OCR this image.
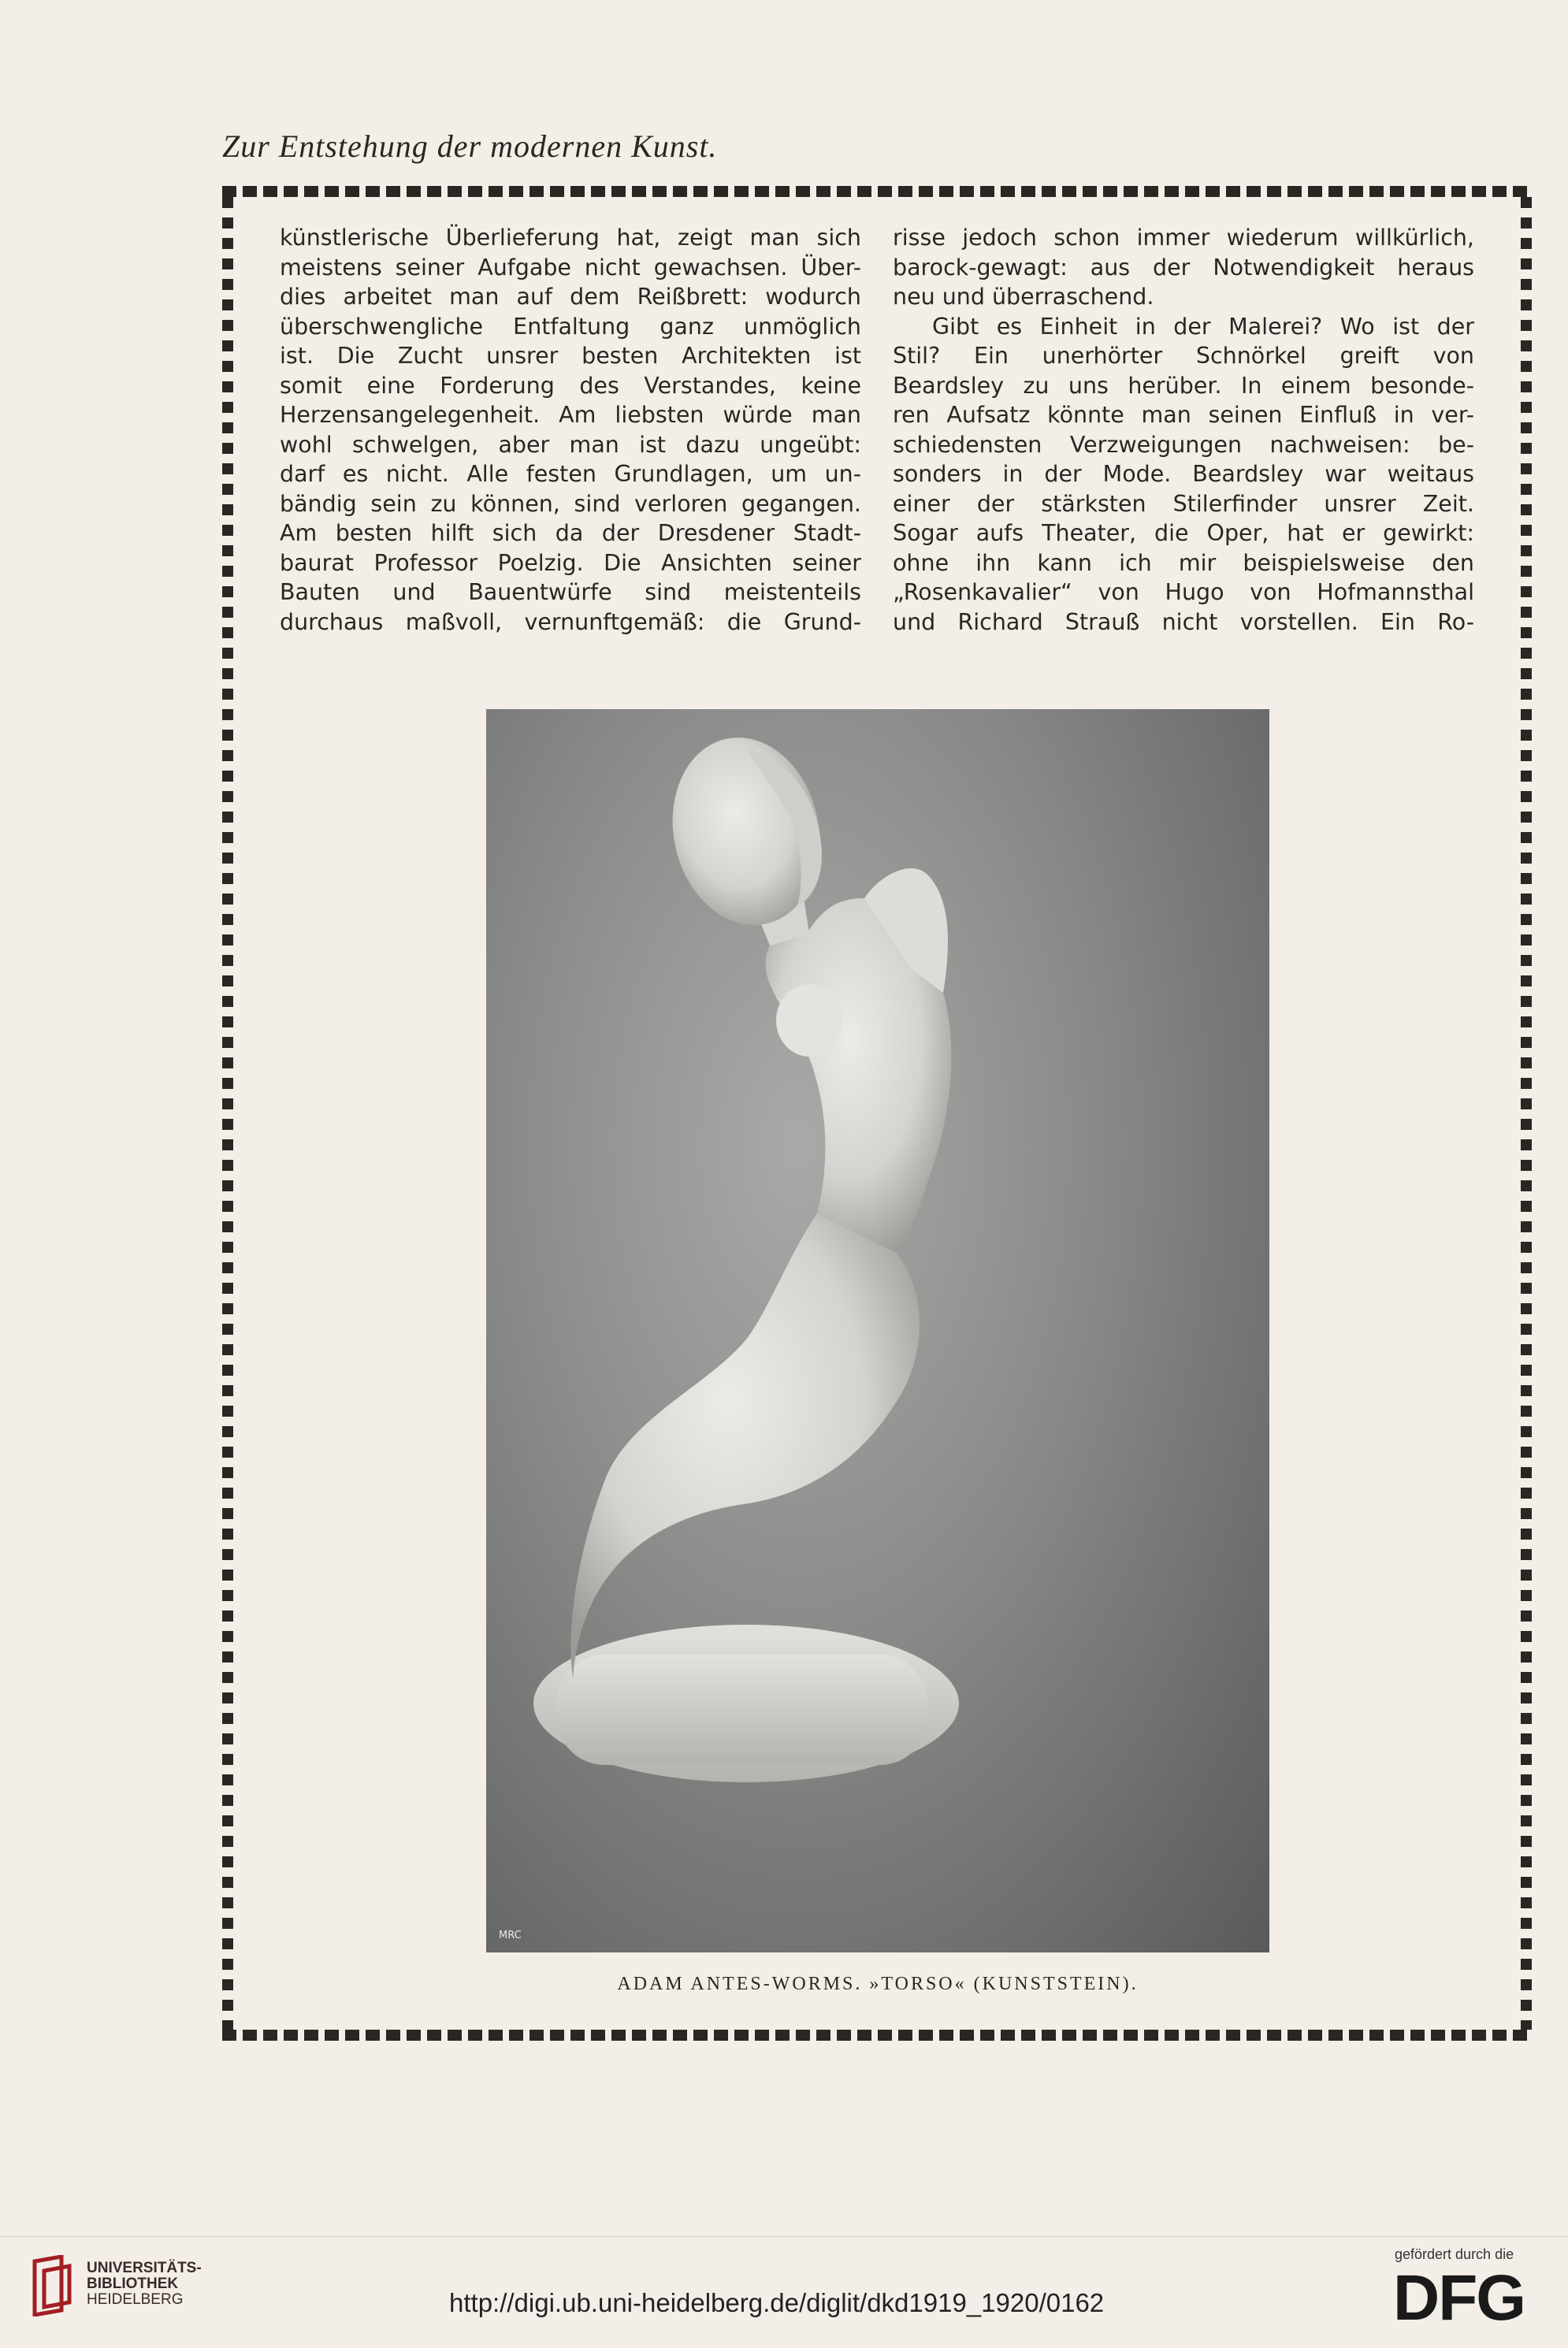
Zur Entstehung der modernen Kunst.
künstlerische Überlieferung hat, zeigt man sich
meistens seiner Aufgabe nicht gewachsen. Über-
dies arbeitet man auf dem Reißbrett: wodurch
überschwengliche Entfaltung ganz unmöglich
ist. Die Zucht unsrer besten Architekten ist
somit eine Forderung des Verstandes, keine
Herzensangelegenheit. Am liebsten würde man
wohl schwelgen, aber man ist dazu ungeübt:
darf es nicht. Alle festen Grundlagen, um un-
bändig sein zu können, sind verloren gegangen.
Am besten hilft sich da der Dresdener Stadt-
baurat Professor Poelzig. Die Ansichten seiner
Bauten und Bauentwürfe sind meistenteils
durchaus maßvoll, vernunftgemäß: die Grund-
risse jedoch schon immer wiederum willkürlich,
barock-gewagt: aus der Notwendigkeit heraus
neu und überraschend.
Gibt es Einheit in der Malerei? Wo ist der
Stil? Ein unerhörter Schnörkel greift von
Beardsley zu uns herüber. In einem besonde-
ren Aufsatz könnte man seinen Einfluß in ver-
schiedensten Verzweigungen nachweisen: be-
sonders in der Mode. Beardsley war weitaus
einer der stärksten Stilerfinder unsrer Zeit.
Sogar aufs Theater, die Oper, hat er gewirkt:
ohne ihn kann ich mir beispielsweise den
„Rosenkavalier“ von Hugo von Hofmannsthal
und Richard Strauß nicht vorstellen. Ein Ro-
MRC
ADAM ANTES-WORMS. »TORSO« (KUNSTSTEIN).
UNIVERSITÄTS-
BIBLIOTHEK
HEIDELBERG	http://digi.ub.uni-heidelberg.de/diglit/dkd1919_1920/0162
gefördert durch die
DFG
